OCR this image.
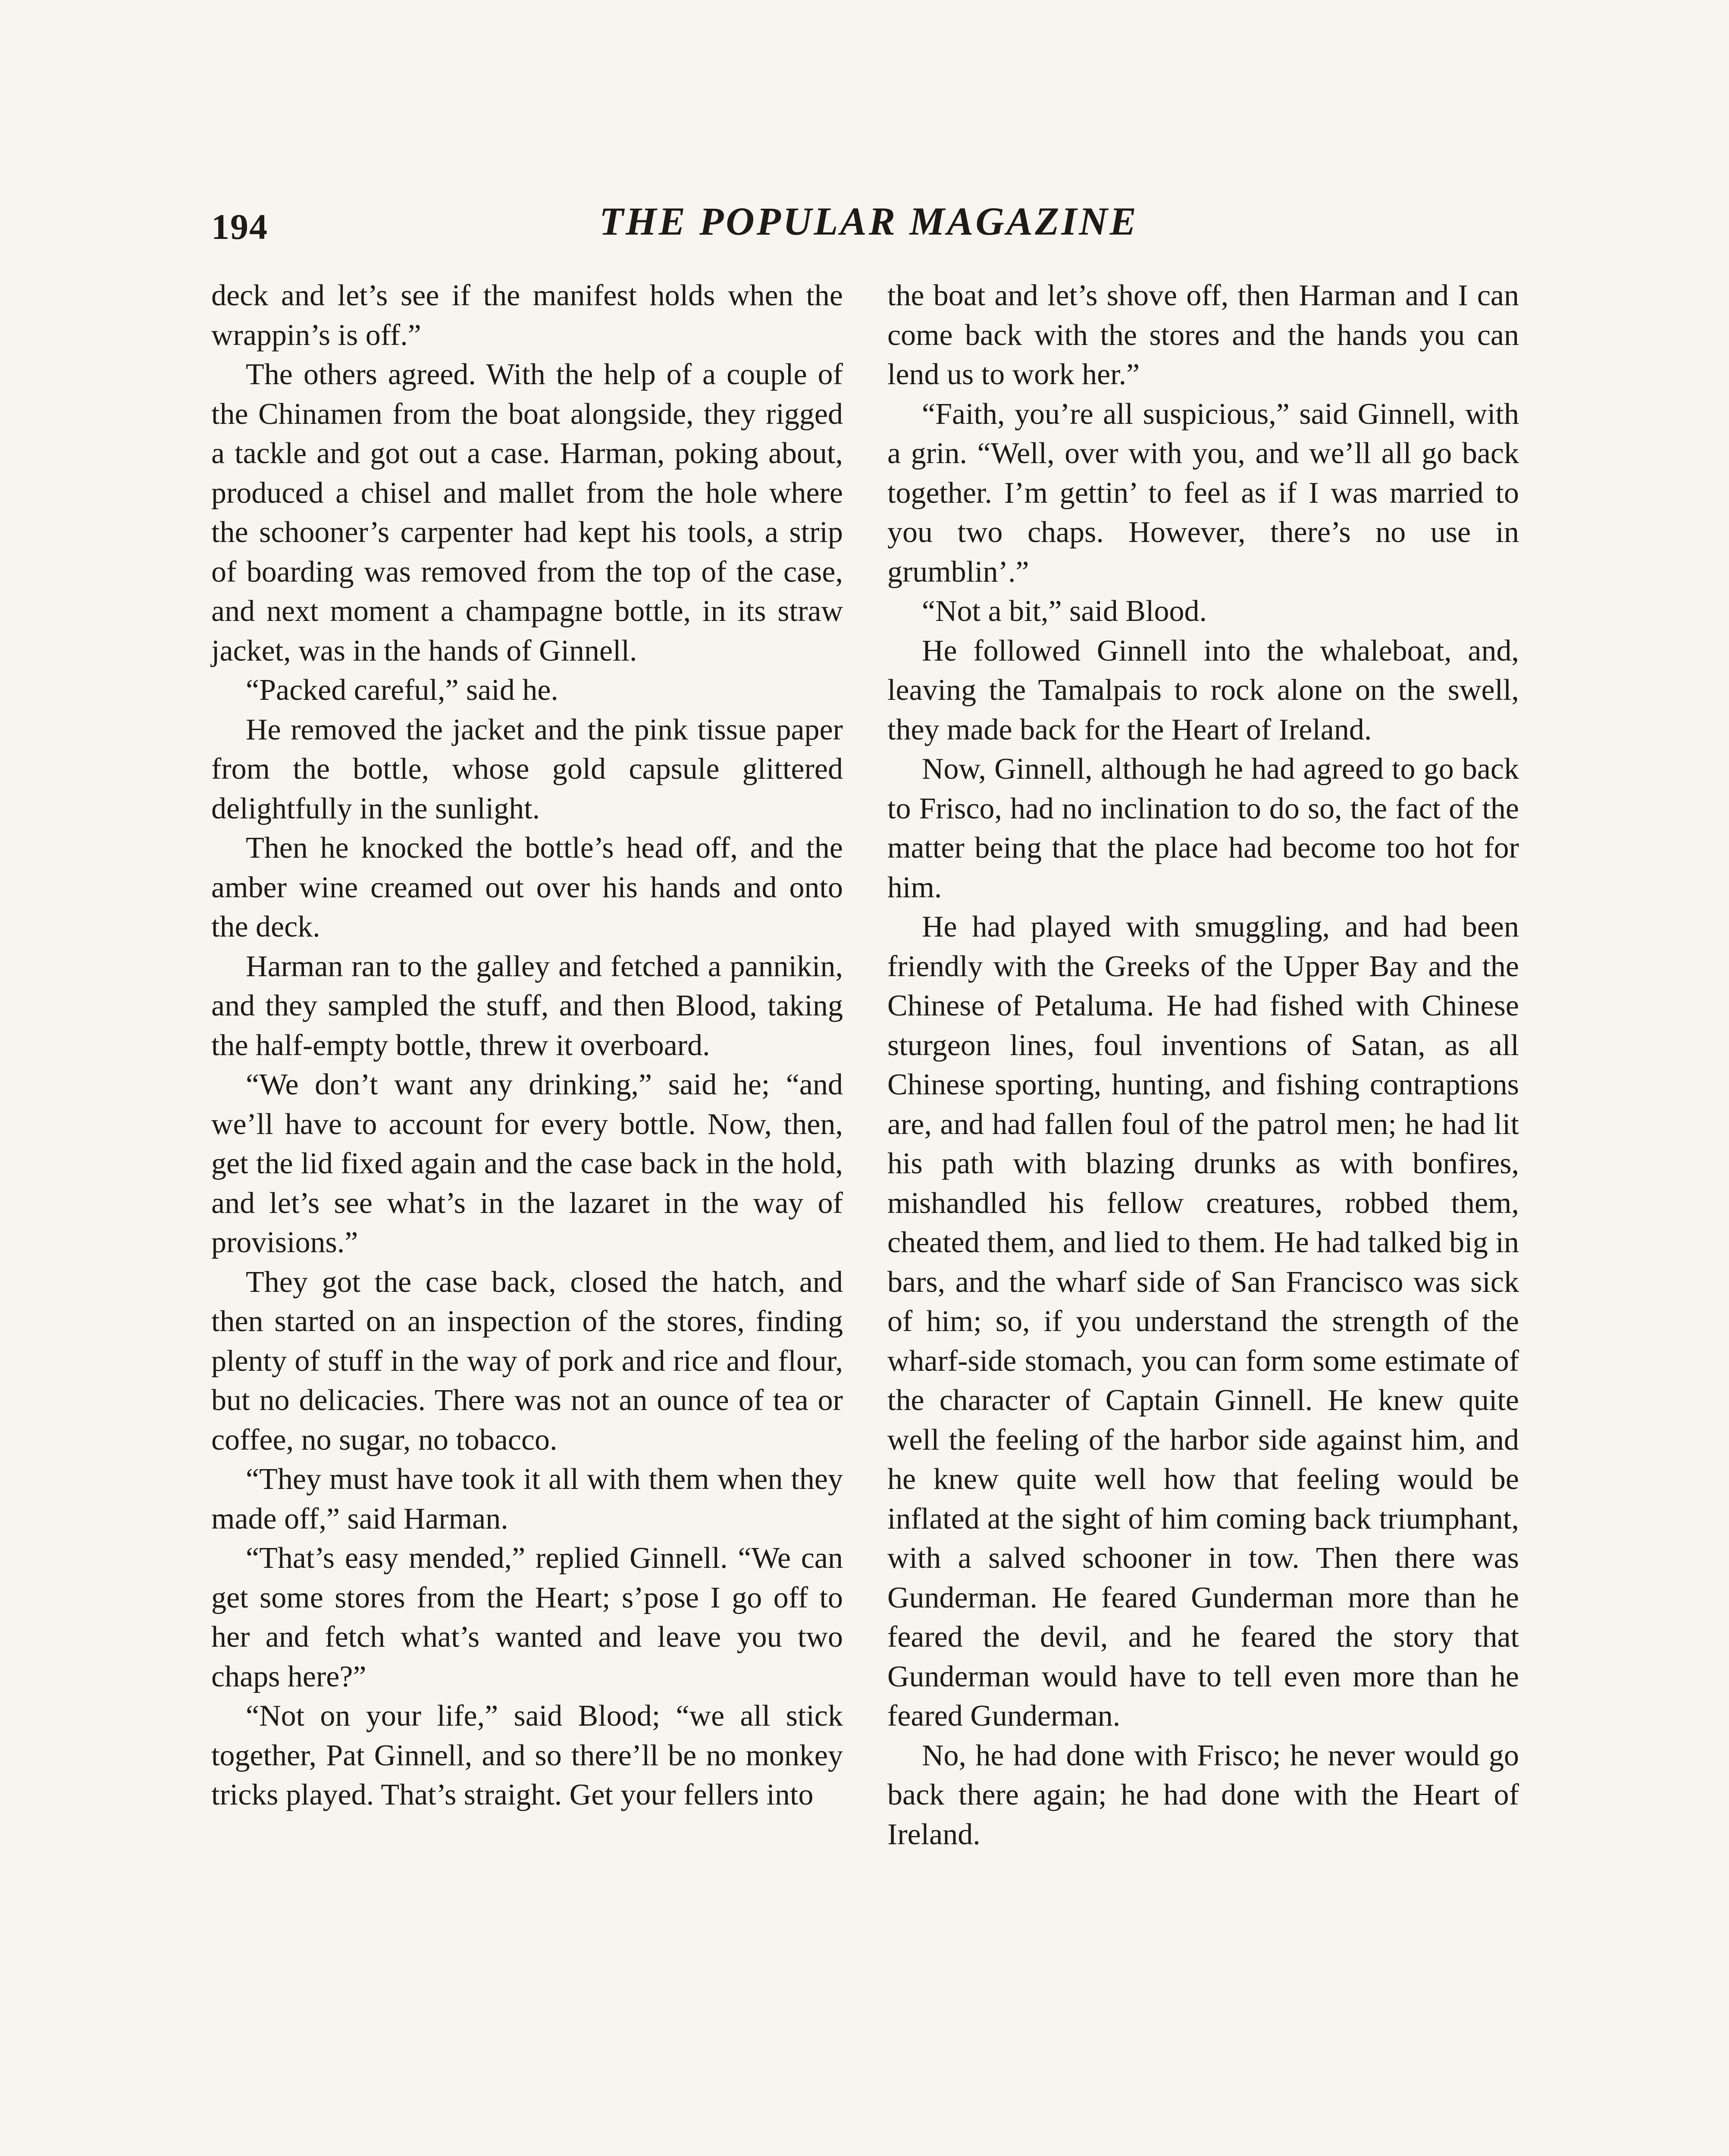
194	THE POPULAR MAGAZINE

deck and let’s see if the manifest holds when the wrappin’s is off.”

The others agreed. With the help of a couple of the Chinamen from the boat alongside, they rigged a tackle and got out a case. Harman, poking about, produced a chisel and mallet from the hole where the schooner’s carpenter had kept his tools, a strip of boarding was removed from the top of the case, and next moment a champagne bottle, in its straw jacket, was in the hands of Ginnell.

“Packed careful,” said he.

He removed the jacket and the pink tissue paper from the bottle, whose gold capsule glittered delightfully in the sunlight.

Then he knocked the bottle’s head off, and the amber wine creamed out over his hands and onto the deck.

Harman ran to the galley and fetched a pannikin, and they sampled the stuff, and then Blood, taking the half-empty bottle, threw it overboard.

“We don’t want any drinking,” said he; “and we’ll have to account for every bottle. Now, then, get the lid fixed again and the case back in the hold, and let’s see what’s in the lazaret in the way of provisions.”

They got the case back, closed the hatch, and then started on an inspection of the stores, finding plenty of stuff in the way of pork and rice and flour, but no delicacies. There was not an ounce of tea or coffee, no sugar, no tobacco.

“They must have took it all with them when they made off,” said Harman.

“That’s easy mended,” replied Ginnell. “We can get some stores from the Heart; s’pose I go off to her and fetch what’s wanted and leave you two chaps here?”

“Not on your life,” said Blood; “we all stick together, Pat Ginnell, and so there’ll be no monkey tricks played. That’s straight. Get your fellers into

the boat and let’s shove off, then Harman and I can come back with the stores and the hands you can lend us to work her.”

“Faith, you’re all suspicious,” said Ginnell, with a grin. “Well, over with you, and we’ll all go back together. I’m gettin’ to feel as if I was married to you two chaps. However, there’s no use in grumblin’.”

“Not a bit,” said Blood.

He followed Ginnell into the whaleboat, and, leaving the Tamalpais to rock alone on the swell, they made back for the Heart of Ireland.

Now, Ginnell, although he had agreed to go back to Frisco, had no inclination to do so, the fact of the matter being that the place had become too hot for him.

He had played with smuggling, and had been friendly with the Greeks of the Upper Bay and the Chinese of Petaluma. He had fished with Chinese sturgeon lines, foul inventions of Satan, as all Chinese sporting, hunting, and fishing contraptions are, and had fallen foul of the patrol men; he had lit his path with blazing drunks as with bonfires, mishandled his fellow creatures, robbed them, cheated them, and lied to them. He had talked big in bars, and the wharf side of San Francisco was sick of him; so, if you understand the strength of the wharf-side stomach, you can form some estimate of the character of Captain Ginnell. He knew quite well the feeling of the harbor side against him, and he knew quite well how that feeling would be inflated at the sight of him coming back triumphant, with a salved schooner in tow. Then there was Gunderman. He feared Gunderman more than he feared the devil, and he feared the story that Gunderman would have to tell even more than he feared Gunderman.

No, he had done with Frisco; he never would go back there again; he had done with the Heart of Ireland.
